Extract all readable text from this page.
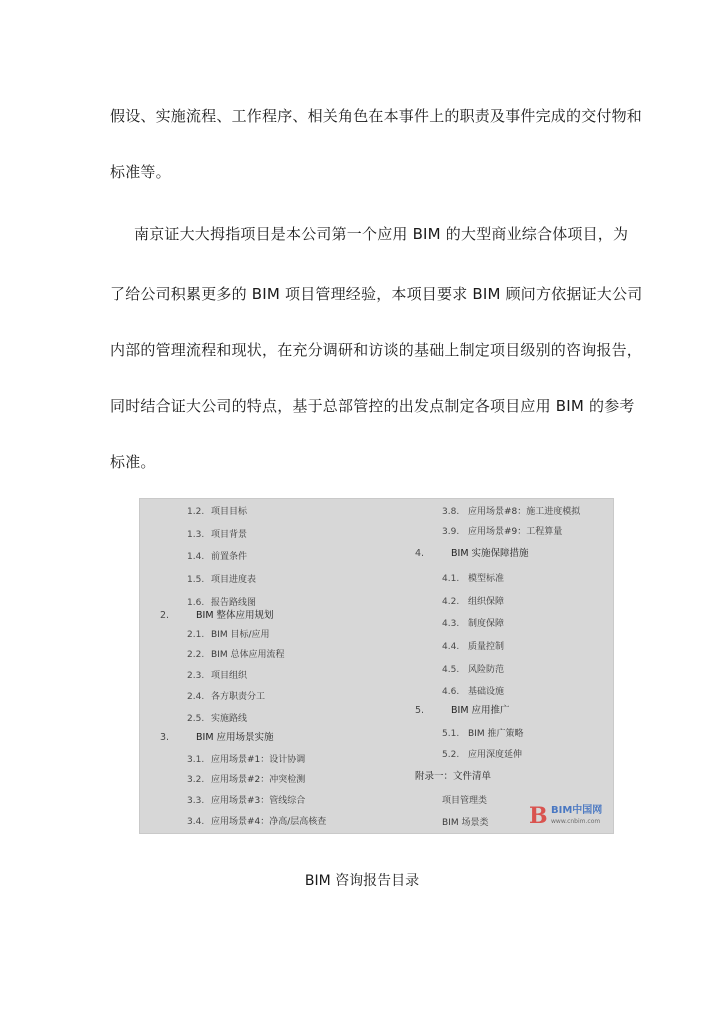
假设、实施流程、工作程序、相关角色在本事件上的职责及事件完成的交付物和
标准等。
南京证大大拇指项目是本公司第一个应用 BIM 的大型商业综合体项目，为
了给公司积累更多的 BIM 项目管理经验，本项目要求 BIM 顾问方依据证大公司
内部的管理流程和现状，在充分调研和访谈的基础上制定项目级别的咨询报告，
同时结合证大公司的特点，基于总部管控的出发点制定各项目应用 BIM 的参考
标准。
1.2. 项目目标
1.3. 项目背景
1.4. 前置条件
1.5. 项目进度表
1.6. 报告路线图
2.	BIM 整体应用规划
2.1. BIM 目标/应用
2.2. BIM 总体应用流程
2.3. 项目组织
2.4. 各方职责分工
2.5. 实施路线
3.	BIM 应用场景实施
3.1. 应用场景#1：设计协调
3.2. 应用场景#2：冲突检测
3.3. 应用场景#3：管线综合
3.4. 应用场景#4：净高/层高核查
3.8. 应用场景#8：施工进度模拟
3.9. 应用场景#9：工程算量
4.	BIM 实施保障措施
4.1. 模型标准
4.2. 组织保障
4.3. 制度保障
4.4. 质量控制
4.5. 风险防范
4.6. 基础设施
5.	BIM 应用推广
5.1. BIM 推广策略
5.2. 应用深度延伸
附录一：文件清单
项目管理类
BIM 场景类 B BIM中国网
www.cnbim.com
BIM 咨询报告目录
